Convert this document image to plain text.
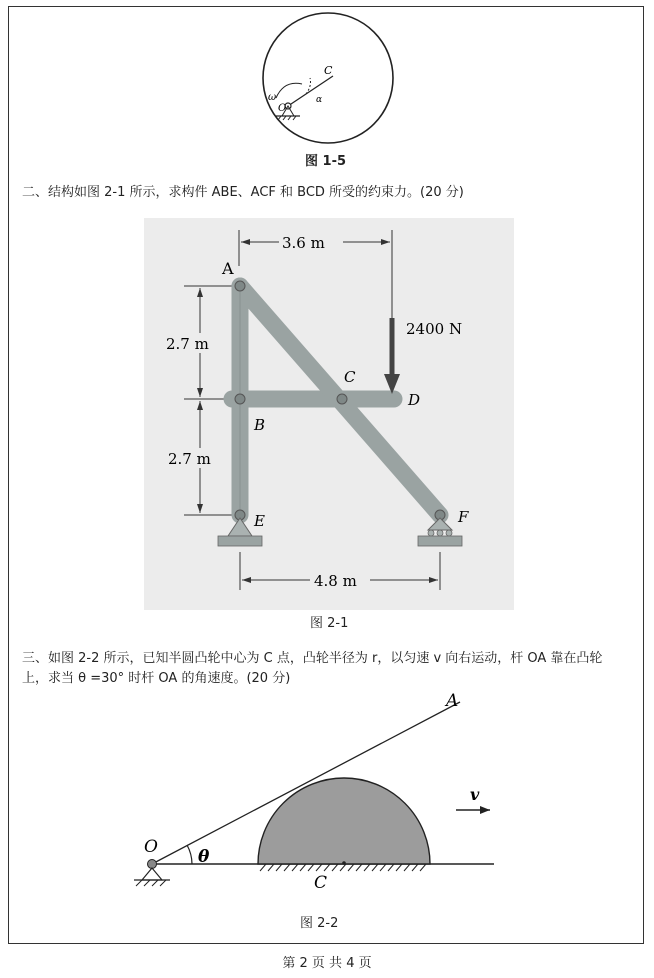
C
ω
O
α
图 1-5
二、结构如图 2-1 所示，求构件 ABE、ACF 和 BCD 所受的约束力。(20 分)
3.6 m
2.7 m
2.7 m
2400 N
4.8 m
A
B
C
D
E	F
图 2-1
三、如图 2-2 所示，已知半圆凸轮中心为 C 点，凸轮半径为 r，以匀速 v 向右运动，杆 OA 靠在凸轮
上，求当 θ =30° 时杆 OA 的角速度。(20 分)
A
v
O θ
C
图 2-2
第 2 页 共 4 页
